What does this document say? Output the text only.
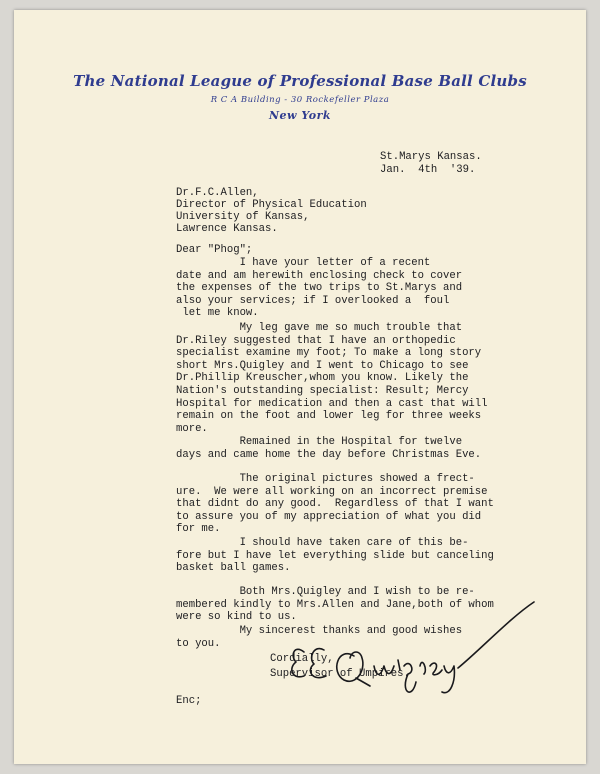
The National League of Professional Base Ball Clubs
R C A Building - 30 Rockefeller Plaza
New York
St.Marys Kansas.
Jan.  4th  '39.
Dr.F.C.Allen,
Director of Physical Education
University of Kansas,
Lawrence Kansas.
Dear "Phog";
I have your letter of a recent
date and am herewith enclosing check to cover
the expenses of the two trips to St.Marys and
also your services; if I overlooked a  foul
let me know.
My leg gave me so much trouble that
Dr.Riley suggested that I have an orthopedic
specialist examine my foot; To make a long story
short Mrs.Quigley and I went to Chicago to see
Dr.Phillip Kreuscher,whom you know. Likely the
Nation's outstanding specialist: Result; Mercy
Hospital for medication and then a cast that will
remain on the foot and lower leg for three weeks
more.
Remained in the Hospital for twelve
days and came home the day before Christmas Eve.
The original pictures showed a frect-
ure.  We were all working on an incorrect premise
that didnt do any good.  Regardless of that I want
to assure you of my appreciation of what you did
for me.
I should have taken care of this be-
fore but I have let everything slide but canceling
basket ball games.
Both Mrs.Quigley and I wish to be re-
membered kindly to Mrs.Allen and Jane,both of whom
were so kind to us.
My sincerest thanks and good wishes
to you.
Cordially,
Supervisor of Umpires.
Enc;
